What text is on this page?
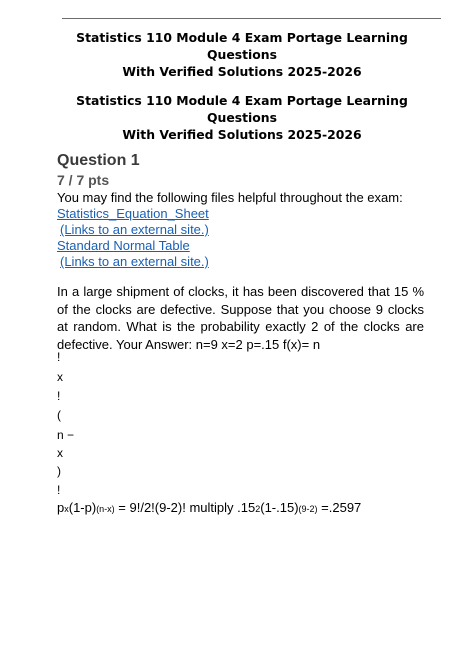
Statistics 110 Module 4 Exam Portage Learning Questions
With Verified Solutions 2025-2026
Statistics 110 Module 4 Exam Portage Learning Questions
With Verified Solutions 2025-2026
Question 1
7 / 7 pts
You may find the following files helpful throughout the exam:
Statistics_Equation_Sheet
(Links to an external site.)
Standard Normal Table
(Links to an external site.)
In a large shipment of clocks, it has been discovered that 15 % of the clocks are defective. Suppose that you choose 9 clocks at random. What is the probability exactly 2 of the clocks are defective. Your Answer: n=9 x=2 p=.15 f(x)= n
!
x
!
(
n −
x
)
!
px(1-p)(n-x) = 9!/2!(9-2)! multiply .152(1-.15)(9-2) =.2597
